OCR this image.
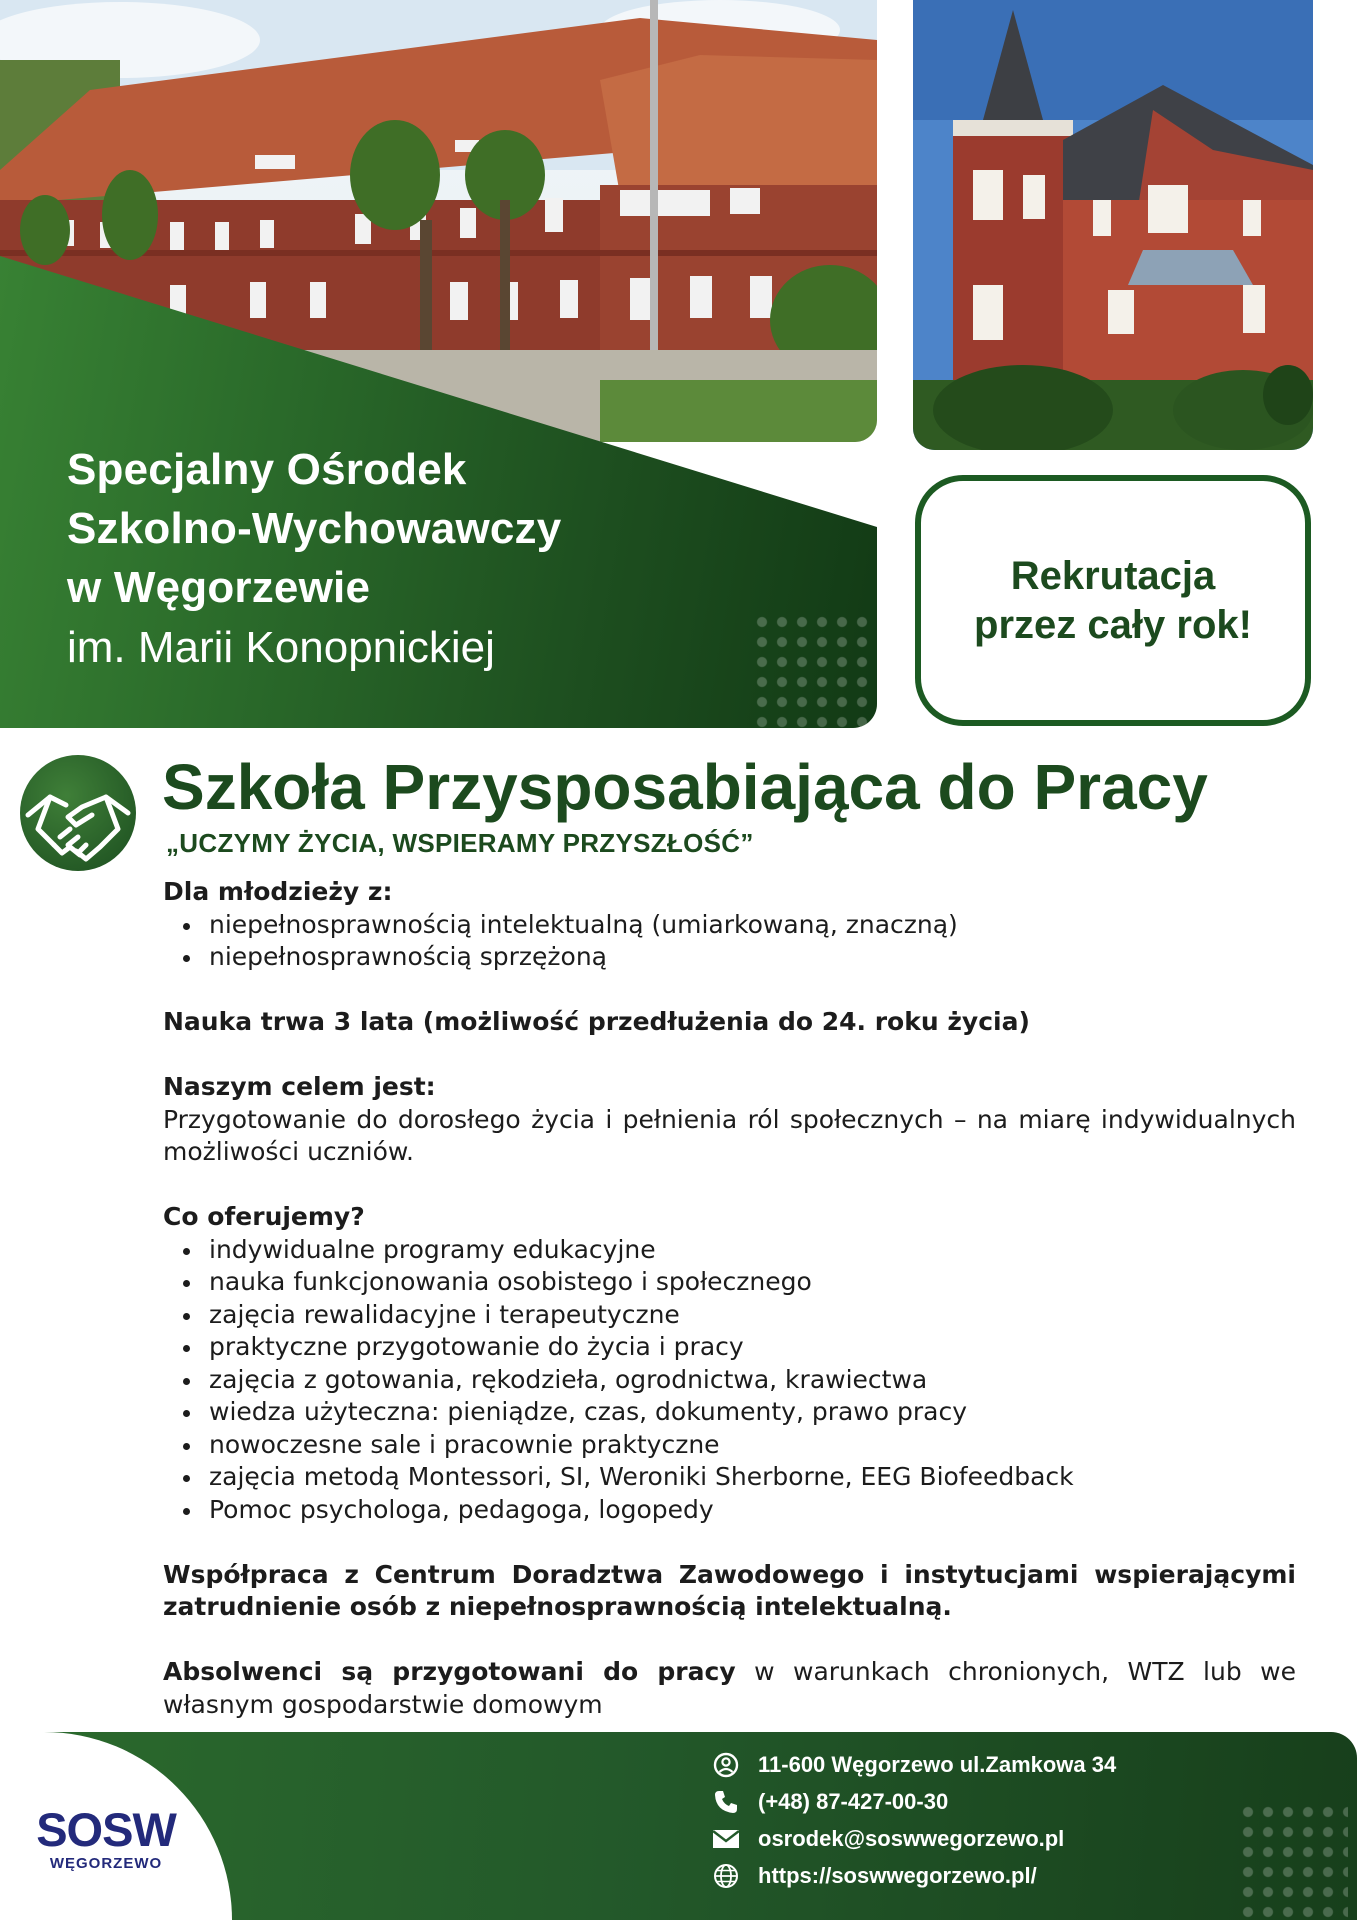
Specjalny Ośrodek
Szkolno-Wychowawczy
w Węgorzewie
im. Marii Konopnickiej
Rekrutacja
przez cały rok!
Szkoła Przysposabiająca do Pracy
„UCZYMY ŻYCIA, WSPIERAMY PRZYSZŁOŚĆ”
Dla młodzieży z:
niepełnosprawnością intelektualną (umiarkowaną, znaczną)
niepełnosprawnością sprzężoną

Nauka trwa 3 lata (możliwość przedłużenia do 24. roku życia)

Naszym celem jest:

Przygotowanie do dorosłego życia i pełnienia ról społecznych – na miarę indywidualnych możliwości uczniów.

Co oferujemy?
indywidualne programy edukacyjne
nauka funkcjonowania osobistego i społecznego
zajęcia rewalidacyjne i terapeutyczne
praktyczne przygotowanie do życia i pracy
zajęcia z gotowania, rękodzieła, ogrodnictwa, krawiectwa
wiedza użyteczna: pieniądze, czas, dokumenty, prawo pracy
nowoczesne sale i pracownie praktyczne
zajęcia metodą Montessori, SI, Weroniki Sherborne, EEG Biofeedback
Pomoc psychologa, pedagoga, logopedy

Współpraca z Centrum Doradztwa Zawodowego i instytucjami wspierającymi zatrudnienie osób z niepełnosprawnością intelektualną.

Absolwenci są przygotowani do pracy w warunkach chronionych, WTZ lub we własnym gospodarstwie domowym

SOSW
WĘGORZEWO
11-600 Węgorzewo ul.Zamkowa 34
(+48) 87-427-00-30
osrodek@soswwegorzewo.pl
https://soswwegorzewo.pl/
